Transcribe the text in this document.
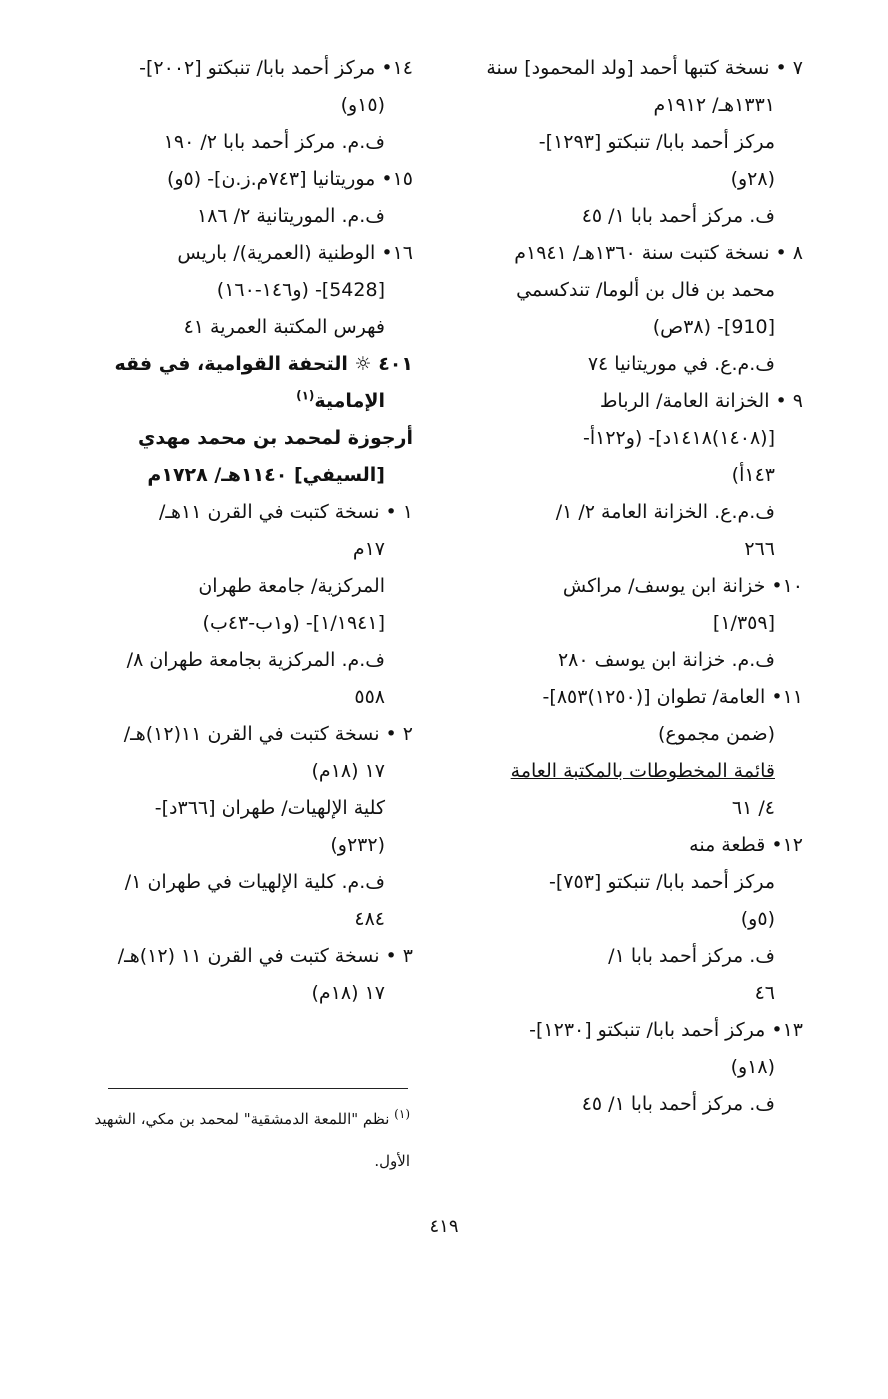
٧ • نسخة كتبها أحمد [ولد المحمود] سنة
١٣٣١هـ/ ١٩١٢م
مركز أحمد بابا/ تنبكتو [١٢٩٣]-
(٢٨و)
ف. مركز أحمد بابا ١/ ٤٥
٨ • نسخة كتبت سنة ١٣٦٠هـ/ ١٩٤١م
محمد بن فال بن ألوما/ تندكسمي
[910]- (٣٨ص)
ف.م.ع. في موريتانيا ٧٤
٩ • الخزانة العامة/ الرباط
[(١٤٠٨)١٤١٨د]- (و١٢٢أ-
١٤٣أ)
ف.م.ع. الخزانة العامة ٢/ ١/
٢٦٦
١٠• خزانة ابن يوسف/ مراكش
[١/٣٥٩]
ف.م. خزانة ابن يوسف ٢٨٠
١١• العامة/ تطوان [(١٢٥٠)٨٥٣]-
(ضمن مجموع)
قائمة المخطوطات بالمكتبة العامة
٤/ ٦١
١٢• قطعة منه
مركز أحمد بابا/ تنبكتو [٧٥٣]-
(٥و)
ف. مركز أحمد بابا ١/
٤٦
١٣• مركز أحمد بابا/ تنبكتو [١٢٣٠]-
(١٨و)
ف. مركز أحمد بابا ١/ ٤٥
١٤• مركز أحمد بابا/ تنبكتو [٢٠٠٢]-
(١٥و)
ف.م. مركز أحمد بابا ٢/ ١٩٠
١٥• موريتانيا [٧٤٣م.ز.ن]- (٥و)
ف.م. الموريتانية ٢/ ١٨٦
١٦• الوطنية (العمرية)/ باريس
[5428]- (و١٤٦-١٦٠)
فهرس المكتبة العمرية ٤١
٤٠١ ☼ التحفة القوامية، في فقه
الإمامية$^{(١)}$
أرجوزة لمحمد بن محمد مهدي
[السيفي] ١١٤٠هـ/ ١٧٢٨م
١ • نسخة كتبت في القرن ١١هـ/
١٧م
المركزية/ جامعة طهران
[١/١٩٤١]- (و١ب-٤٣ب)
ف.م. المركزية بجامعة طهران ٨/
٥٥٨
٢ • نسخة كتبت في القرن ١١(١٢)هـ/
١٧ (١٨م)
كلية الإلهيات/ طهران [٣٦٦د]-
(٢٣٢و)
ف.م. كلية الإلهيات في طهران ١/
٤٨٤
٣ • نسخة كتبت في القرن ١١ (١٢)هـ/
١٧ (١٨م)
$^{(١)}$ نظم "اللمعة الدمشقية" لمحمد بن مكي، الشهيد
الأول.
٤١٩
